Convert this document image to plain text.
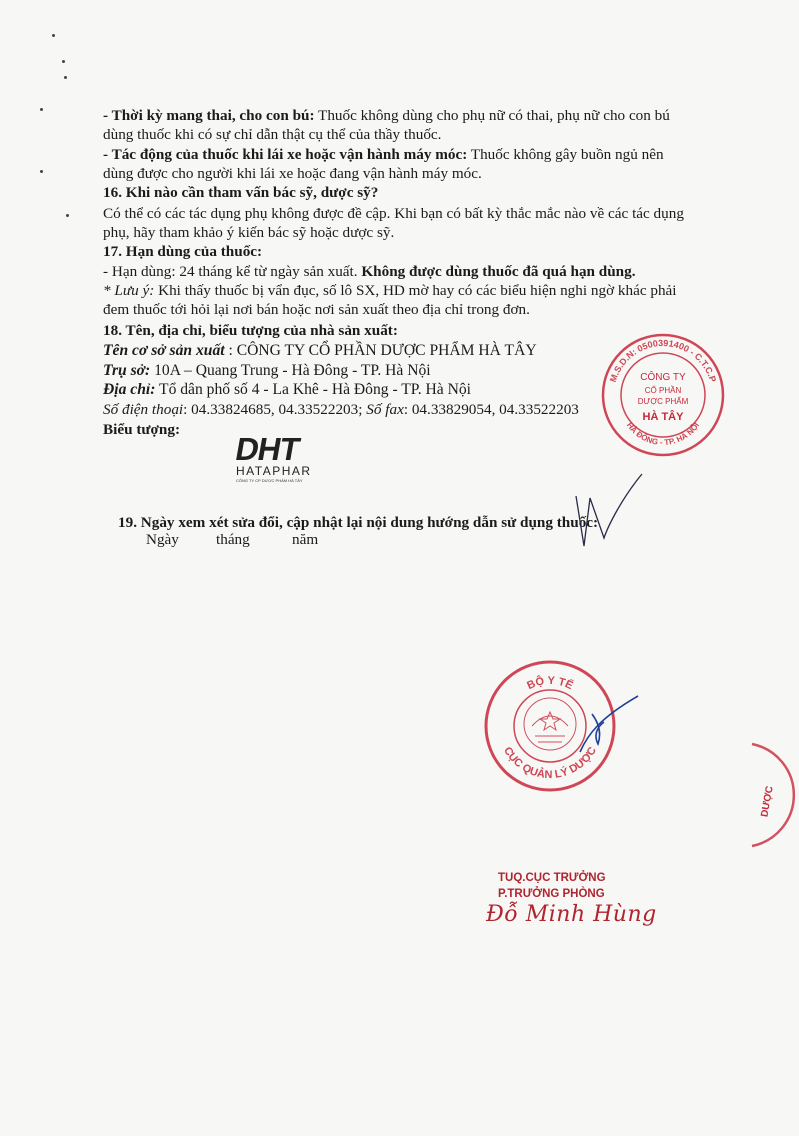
- Thời kỳ mang thai, cho con bú: Thuốc không dùng cho phụ nữ có thai, phụ nữ cho con bú
dùng thuốc khi có sự chỉ dẫn thật cụ thể của thầy thuốc.
- Tác động của thuốc khi lái xe hoặc vận hành máy móc: Thuốc không gây buồn ngủ nên
dùng được cho người khi lái xe hoặc đang vận hành máy móc.
16. Khi nào cần tham vấn bác sỹ, dược sỹ?
Có thể có các tác dụng phụ không được đề cập. Khi bạn có bất kỳ thắc mắc nào về các tác dụng
phụ, hãy tham khảo ý kiến bác sỹ hoặc dược sỹ.
17. Hạn dùng của thuốc:
- Hạn dùng: 24 tháng kể từ ngày sản xuất. Không được dùng thuốc đã quá hạn dùng.
* Lưu ý: Khi thấy thuốc bị vẩn đục, số lô SX, HD mờ hay có các biểu hiện nghi ngờ khác phải
đem thuốc tới hỏi lại nơi bán hoặc nơi sản xuất theo địa chỉ trong đơn.
18. Tên, địa chỉ, biểu tượng của nhà sản xuất:
Tên cơ sở sản xuất : CÔNG TY CỔ PHẦN DƯỢC PHẨM HÀ TÂY
Trụ sở: 10A – Quang Trung - Hà Đông - TP. Hà Nội
Địa chỉ: Tổ dân phố số 4 - La Khê - Hà Đông - TP. Hà Nội
Số điện thoại: 04.33824685, 04.33522203; Số fax: 04.33829054, 04.33522203
Biểu tượng:
DHT
HATAPHAR
CÔNG TY CP DƯỢC PHẨM HÀ TÂY
19. Ngày xem xét sửa đổi, cập nhật lại nội dung hướng dẫn sử dụng thuốc:
Ngày tháng	năm
M.S.D.N: 0500391400 - C.T.C.P
HÀ ĐÔNG - TP. HÀ NỘI
CÔNG TY
CỔ PHẦN
DƯỢC PHẨM
HÀ TÂY
BỘ Y TẾ
CỤC QUẢN LÝ DƯỢC
DƯỢC
TUQ.CỤC TRƯỞNG
P.TRƯỞNG PHÒNG
Đỗ Minh Hùng
